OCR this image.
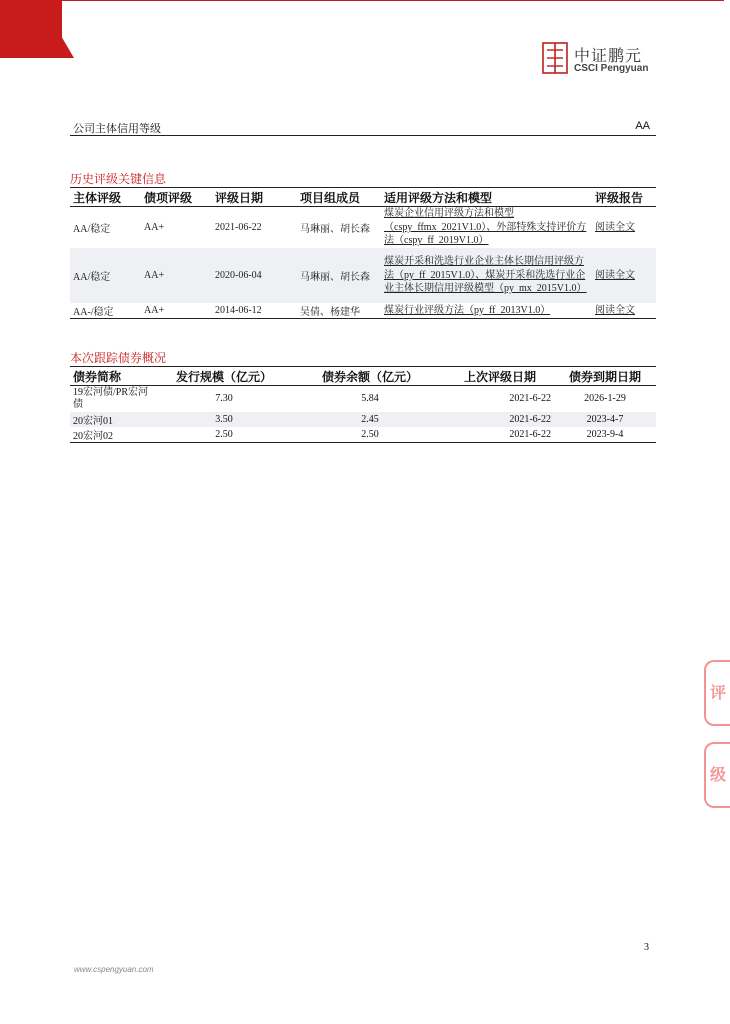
中证鹏元
CSCI Pengyuan
公司主体信用等级	AA
历史评级关键信息
主体评级	债项评级	评级日期	项目组成员	适用评级方法和模型	评级报告
AA/稳定	AA+	2021-06-22	马琳丽、胡长森	煤炭企业信用评级方法和模型（cspy_ffmx_2021V1.0）、外部特殊支持评价方法（cspy_ff_2019V1.0）	阅读全文
AA/稳定	AA+	2020-06-04	马琳丽、胡长森	煤炭开采和洗选行业企业主体长期信用评级方法（py_ff_2015V1.0）、煤炭开采和洗选行业企业主体长期信用评级模型（py_mx_2015V1.0）	阅读全文
AA-/稳定	AA+	2014-06-12	吴倩、杨建华	煤炭行业评级方法（py_ff_2013V1.0）	阅读全文
本次跟踪债券概况
债券简称	发行规模（亿元）	债券余额（亿元）	上次评级日期	债券到期日期
19宏河债/PR宏河债	7.30	5.84	2021-6-22	2026-1-29
20宏河01	3.50	2.45	2021-6-22	2023-4-7
20宏河02	2.50	2.50	2021-6-22	2023-9-4
评
级
3
www.cspengyuan.com
